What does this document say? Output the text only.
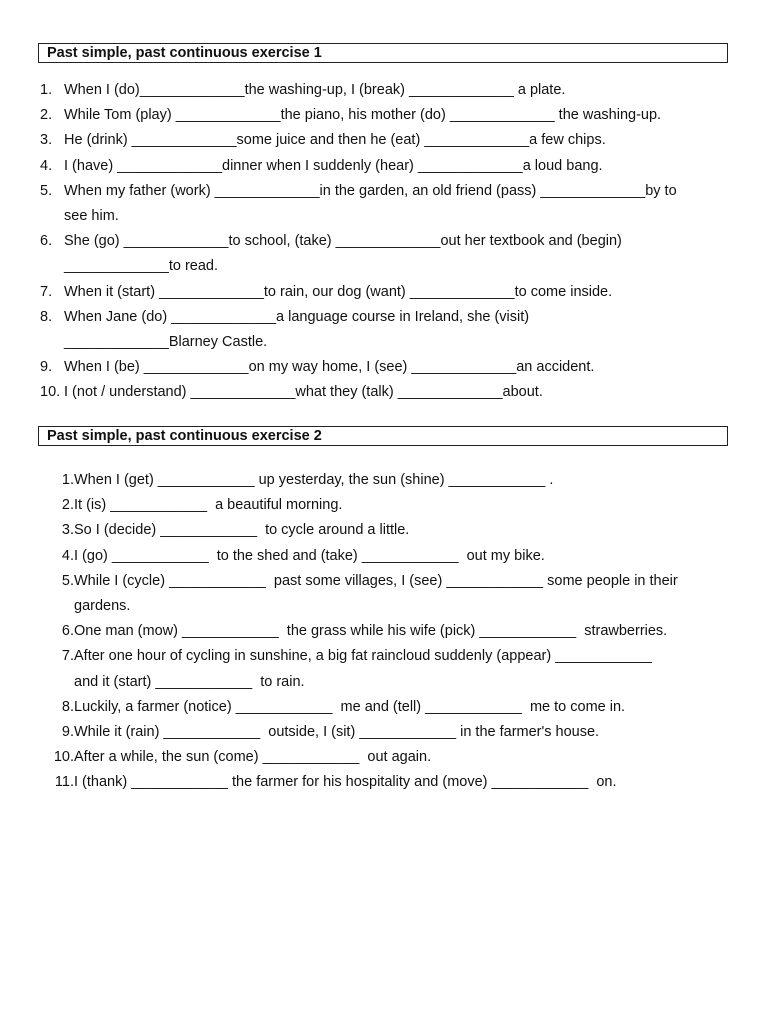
Past simple, past continuous exercise 1
1. When I (do)_____________the washing-up, I (break) _____________ a plate.
2. While Tom (play) _____________the piano, his mother (do) _____________ the washing-up.
3. He (drink) _____________some juice and then he (eat) _____________a few chips.
4. I (have) _____________dinner when I suddenly (hear) _____________a loud bang.
5. When my father (work) _____________in the garden, an old friend (pass) _____________by to
see him.
6. She (go) _____________to school, (take) _____________out her textbook and (begin)
_____________to read.
7. When it (start) _____________to rain, our dog (want) _____________to come inside.
8. When Jane (do) _____________a language course in Ireland, she (visit)
_____________Blarney Castle.
9. When I (be) _____________on my way home, I (see) _____________an accident.
10. I (not / understand) _____________what they (talk) _____________about.
Past simple, past continuous exercise 2
1. When I (get) ____________ up yesterday, the sun (shine) ____________ .
2. It (is) ____________  a beautiful morning.
3. So I (decide) ____________  to cycle around a little.
4. I (go) ____________  to the shed and (take) ____________  out my bike.
5. While I (cycle) ____________  past some villages, I (see) ____________ some people in their
gardens.
6. One man (mow) ____________  the grass while his wife (pick) ____________  strawberries.
7. After one hour of cycling in sunshine, a big fat raincloud suddenly (appear) ____________
and it (start) ____________  to rain.
8. Luckily, a farmer (notice) ____________  me and (tell) ____________  me to come in.
9. While it (rain) ____________  outside, I (sit) ____________ in the farmer's house.
10. After a while, the sun (come) ____________  out again.
11. I (thank) ____________ the farmer for his hospitality and (move) ____________  on.
